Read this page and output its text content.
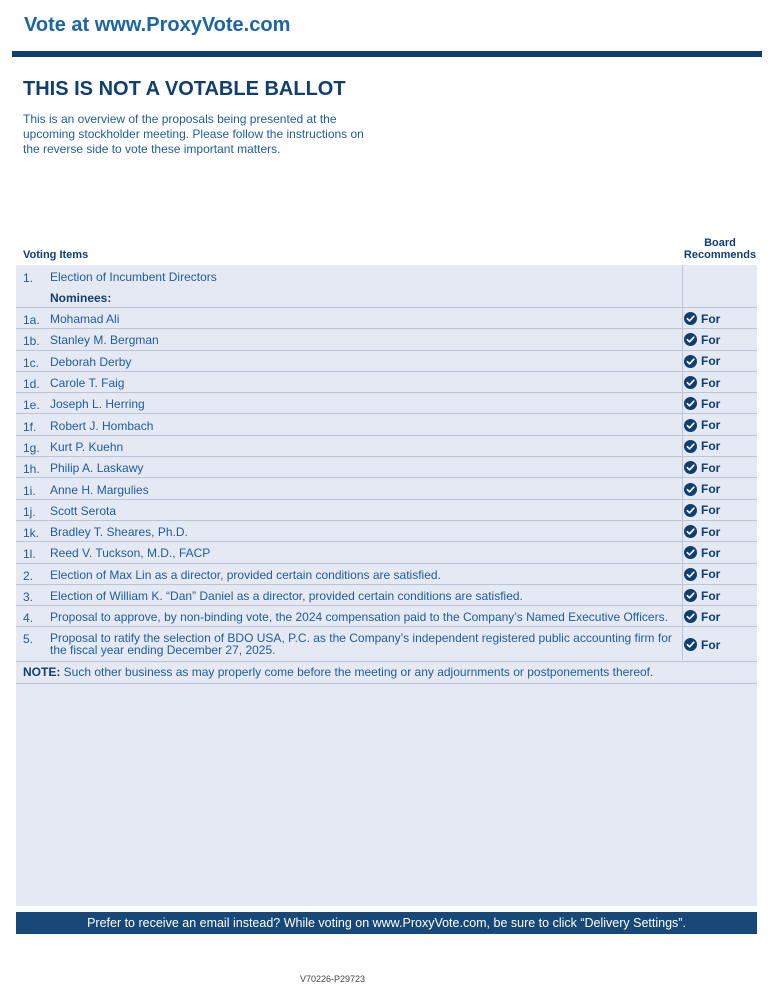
Vote at www.ProxyVote.com
THIS IS NOT A VOTABLE BALLOT
This is an overview of the proposals being presented at the upcoming stockholder meeting. Please follow the instructions on the reverse side to vote these important matters.
Voting Items
Board
Recommends
1. Election of Incumbent Directors
Nominees:
1a. Mohamad Ali	For
1b. Stanley M. Bergman	For
1c. Deborah Derby	For
1d. Carole T. Faig	For
1e. Joseph L. Herring	For
1f. Robert J. Hombach	For
1g. Kurt P. Kuehn	For
1h. Philip A. Laskawy	For
1i. Anne H. Margulies	For
1j. Scott Serota	For
1k. Bradley T. Sheares, Ph.D.	For
1l. Reed V. Tuckson, M.D., FACP	For
2. Election of Max Lin as a director, provided certain conditions are satisfied.	For
3. Election of William K. “Dan” Daniel as a director, provided certain conditions are satisfied.	For
4. Proposal to approve, by non-binding vote, the 2024 compensation paid to the Company’s Named Executive Officers.	For
5. Proposal to ratify the selection of BDO USA, P.C. as the Company’s independent registered public accounting firm for the fiscal year ending December 27, 2025.	For
NOTE: Such other business as may properly come before the meeting or any adjournments or postponements thereof.
Prefer to receive an email instead? While voting on www.ProxyVote.com, be sure to click “Delivery Settings”.
V70226-P29723
